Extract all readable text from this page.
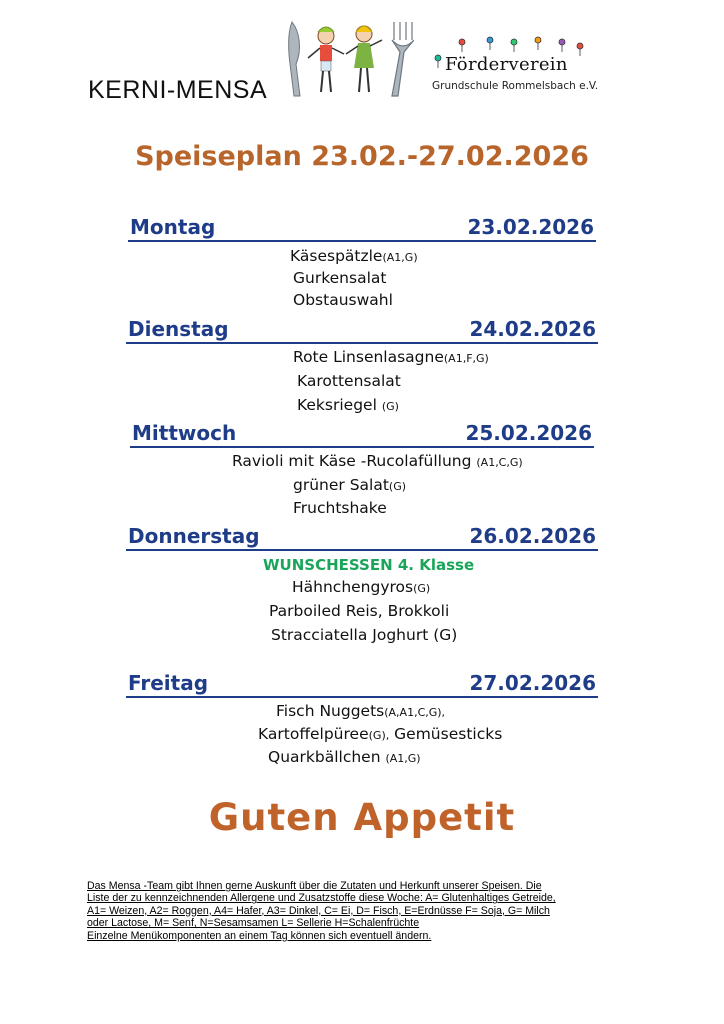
KERNI-MENSA
Förderverein
Grundschule Rommelsbach e.V.
Speiseplan 23.02.-27.02.2026
Montag	23.02.2026
Käsespätzle(A1,G)
Gurkensalat
Obstauswahl
Dienstag	24.02.2026
Rote Linsenlasagne(A1,F,G)
Karottensalat
Keksriegel (G)
Mittwoch	25.02.2026
Ravioli mit Käse -Rucolafüllung (A1,C,G)
grüner Salat(G)
Fruchtshake
Donnerstag	26.02.2026
WUNSCHESSEN 4. Klasse
Hähnchengyros(G)
Parboiled Reis, Brokkoli
Stracciatella Joghurt (G)
Freitag	27.02.2026
Fisch Nuggets(A,A1,C,G),
Kartoffelpüree(G), Gemüsesticks
Quarkbällchen (A1,G)
Guten Appetit
Das Mensa -Team gibt Ihnen gerne Auskunft über die Zutaten und Herkunft unserer Speisen. Die
Liste der zu kennzeichnenden Allergene und Zusatzstoffe diese Woche: A= Glutenhaltiges Getreide,
A1= Weizen, A2= Roggen, A4= Hafer, A3= Dinkel, C= Ei, D= Fisch, E=Erdnüsse F= Soja, G= Milch
oder Lactose, M= Senf, N=Sesamsamen L= Sellerie H=Schalenfrüchte
Einzelne Menükomponenten an einem Tag können sich eventuell ändern.
